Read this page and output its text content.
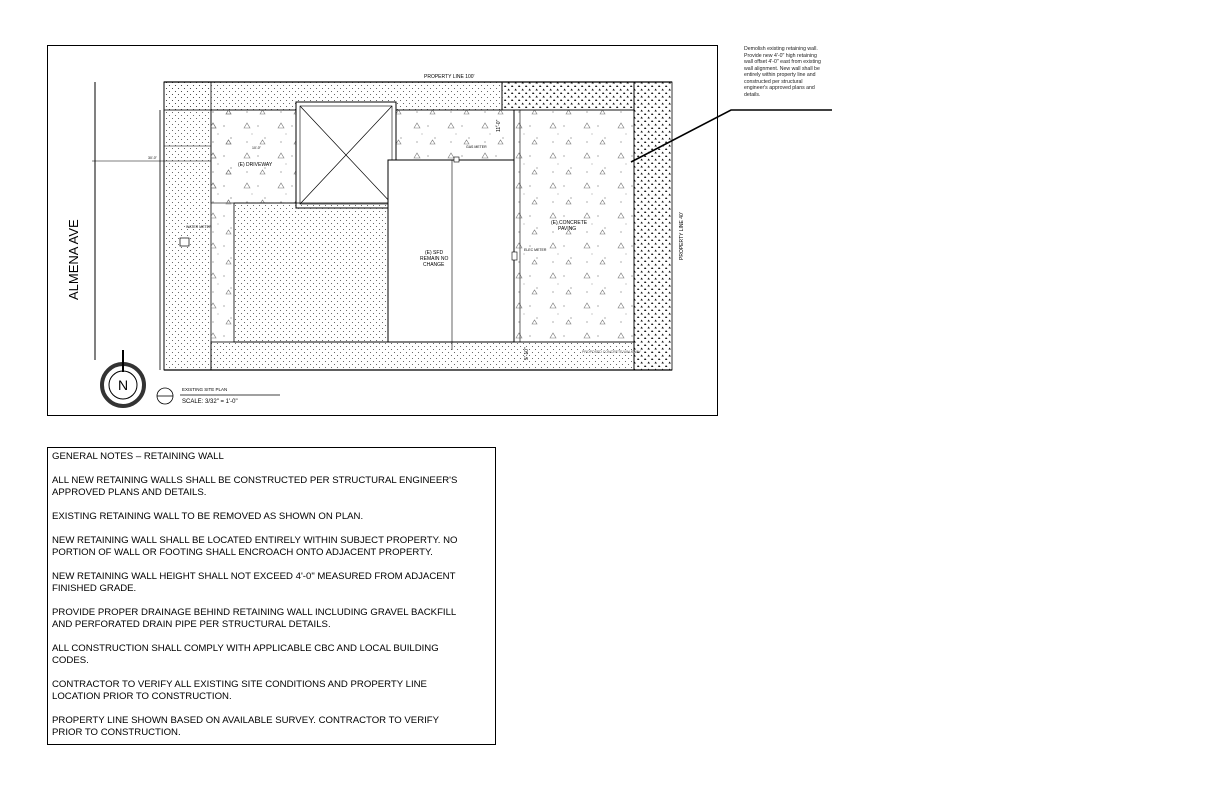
ALMENA AVE
PROPERTY LINE 100'
PROPERTY LINE 40'
(E) DRIVEWAY
(E) CONCRETE
PAVING
(E) SFD
REMAIN NO
CHANGE
WATER METER
GAS METER
ELEC METER
30'-0"
10'-0"
11'-0"
5'-10"	PROPOSED CONCRETE WALKWAY
N	EXISTING SITE PLAN
SCALE: 3/32" = 1'-0"
Demolish existing retaining wall. Provide new 4'-0" high retaining wall offset 4'-0" east from existing wall alignment. New wall shall be entirely within property line and constructed per structural engineer's approved plans and details.
GENERAL NOTES – RETAINING WALL
ALL NEW RETAINING WALLS SHALL BE CONSTRUCTED PER STRUCTURAL ENGINEER'S
APPROVED PLANS AND DETAILS.
EXISTING RETAINING WALL TO BE REMOVED AS SHOWN ON PLAN.
NEW RETAINING WALL SHALL BE LOCATED ENTIRELY WITHIN SUBJECT PROPERTY. NO
PORTION OF WALL OR FOOTING SHALL ENCROACH ONTO ADJACENT PROPERTY.
NEW RETAINING WALL HEIGHT SHALL NOT EXCEED 4'-0" MEASURED FROM ADJACENT
FINISHED GRADE.
PROVIDE PROPER DRAINAGE BEHIND RETAINING WALL INCLUDING GRAVEL BACKFILL
AND PERFORATED DRAIN PIPE PER STRUCTURAL DETAILS.
ALL CONSTRUCTION SHALL COMPLY WITH APPLICABLE CBC AND LOCAL BUILDING
CODES.
CONTRACTOR TO VERIFY ALL EXISTING SITE CONDITIONS AND PROPERTY LINE
LOCATION PRIOR TO CONSTRUCTION.
PROPERTY LINE SHOWN BASED ON AVAILABLE SURVEY. CONTRACTOR TO VERIFY
PRIOR TO CONSTRUCTION.
